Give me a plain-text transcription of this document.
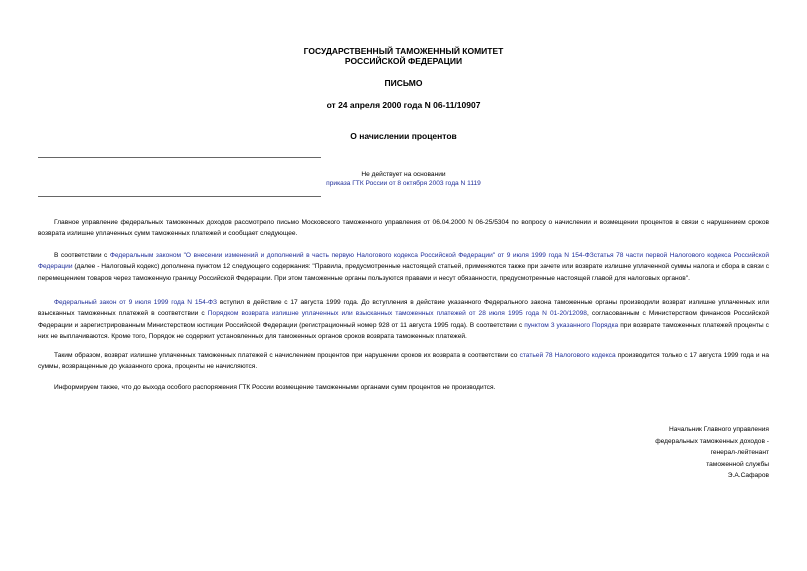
ГОСУДАРСТВЕННЫЙ ТАМОЖЕННЫЙ КОМИТЕТ
РОССИЙСКОЙ ФЕДЕРАЦИИ
ПИСЬМО
от 24 апреля 2000 года N 06-11/10907
О начислении процентов
Не действует на основании
приказа ГТК России от 8 октября 2003 года N 1119

Главное управление федеральных таможенных доходов рассмотрело письмо Московского таможенного управления от 06.04.2000 N 06-25/5304 по вопросу о начислении и возмещении процентов в связи с нарушением сроков возврата излишне уплаченных сумм таможенных платежей и сообщает следующее.

В соответствии с Федеральным законом "О внесении изменений и дополнений в часть первую Налогового кодекса Российской Федерации" от 9 июля 1999 года N 154-ФЗстатья 78 части первой Налогового кодекса Российской Федерации (далее - Налоговый кодекс) дополнена пунктом 12 следующего содержания: "Правила, предусмотренные настоящей статьей, применяются также при зачете или возврате излишне уплаченной суммы налога и сбора в связи с перемещением товаров через таможенную границу Российской Федерации. При этом таможенные органы пользуются правами и несут обязанности, предусмотренные настоящей главой для налоговых органов".

Федеральный закон от 9 июля 1999 года N 154-ФЗ вступил в действие с 17 августа 1999 года. До вступления в действие указанного Федерального закона таможенные органы производили возврат излишне уплаченных или взысканных таможенных платежей в соответствии с Порядком возврата излишне уплаченных или взысканных таможенных платежей от 28 июля 1995 года N 01-20/12098, согласованным с Министерством финансов Российской Федерации и зарегистрированным Министерством юстиции Российской Федерации (регистрационный номер 928 от 11 августа 1995 года). В соответствии с пунктом 3 указанного Порядка при возврате таможенных платежей проценты с них не выплачиваются. Кроме того, Порядок не содержит установленных для таможенных органов сроков возврата таможенных платежей.

Таким образом, возврат излишне уплаченных таможенных платежей с начислением процентов при нарушении сроков их возврата в соответствии со статьей 78 Налогового кодекса производится только с 17 августа 1999 года и на суммы, возвращенные до указанного срока, проценты не начисляются.

Информируем также, что до выхода особого распоряжения ГТК России возмещение таможенными органами сумм процентов не производится.

Начальник Главного управления
федеральных таможенных доходов -
генерал-лейтенант
таможенной службы
Э.А.Сафаров
